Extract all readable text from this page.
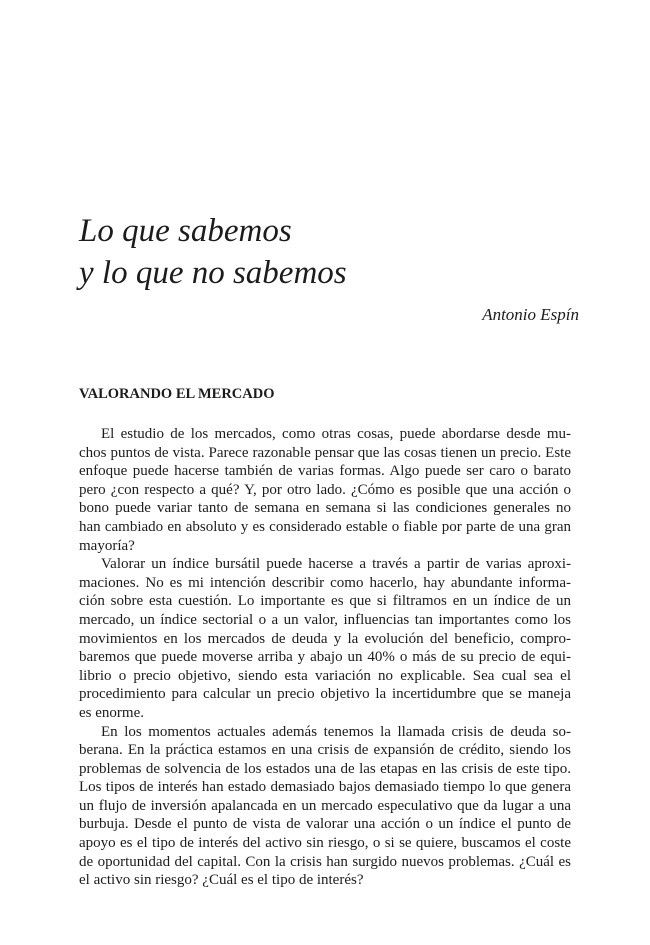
Lo que sabemos
y lo que no sabemos
Antonio Espín
VALORANDO EL MERCADO
El estudio de los mercados, como otras cosas, puede abordarse desde mu-
chos puntos de vista. Parece razonable pensar que las cosas tienen un precio. Este
enfoque puede hacerse también de varias formas. Algo puede ser caro o barato
pero ¿con respecto a qué? Y, por otro lado. ¿Cómo es posible que una acción o
bono puede variar tanto de semana en semana si las condiciones generales no
han cambiado en absoluto y es considerado estable o fiable por parte de una gran
mayoría?
Valorar un índice bursátil puede hacerse a través a partir de varias aproxi-
maciones. No es mi intención describir como hacerlo, hay abundante informa-
ción sobre esta cuestión. Lo importante es que si filtramos en un índice de un
mercado, un índice sectorial o a un valor, influencias tan importantes como los
movimientos en los mercados de deuda y la evolución del beneficio, compro-
baremos que puede moverse arriba y abajo un 40% o más de su precio de equi-
librio o precio objetivo, siendo esta variación no explicable. Sea cual sea el
procedimiento para calcular un precio objetivo la incertidumbre que se maneja
es enorme.
En los momentos actuales además tenemos la llamada crisis de deuda so-
berana. En la práctica estamos en una crisis de expansión de crédito, siendo los
problemas de solvencia de los estados una de las etapas en las crisis de este tipo.
Los tipos de interés han estado demasiado bajos demasiado tiempo lo que genera
un flujo de inversión apalancada en un mercado especulativo que da lugar a una
burbuja. Desde el punto de vista de valorar una acción o un índice el punto de
apoyo es el tipo de interés del activo sin riesgo, o si se quiere, buscamos el coste
de oportunidad del capital. Con la crisis han surgido nuevos problemas. ¿Cuál es
el activo sin riesgo? ¿Cuál es el tipo de interés?
